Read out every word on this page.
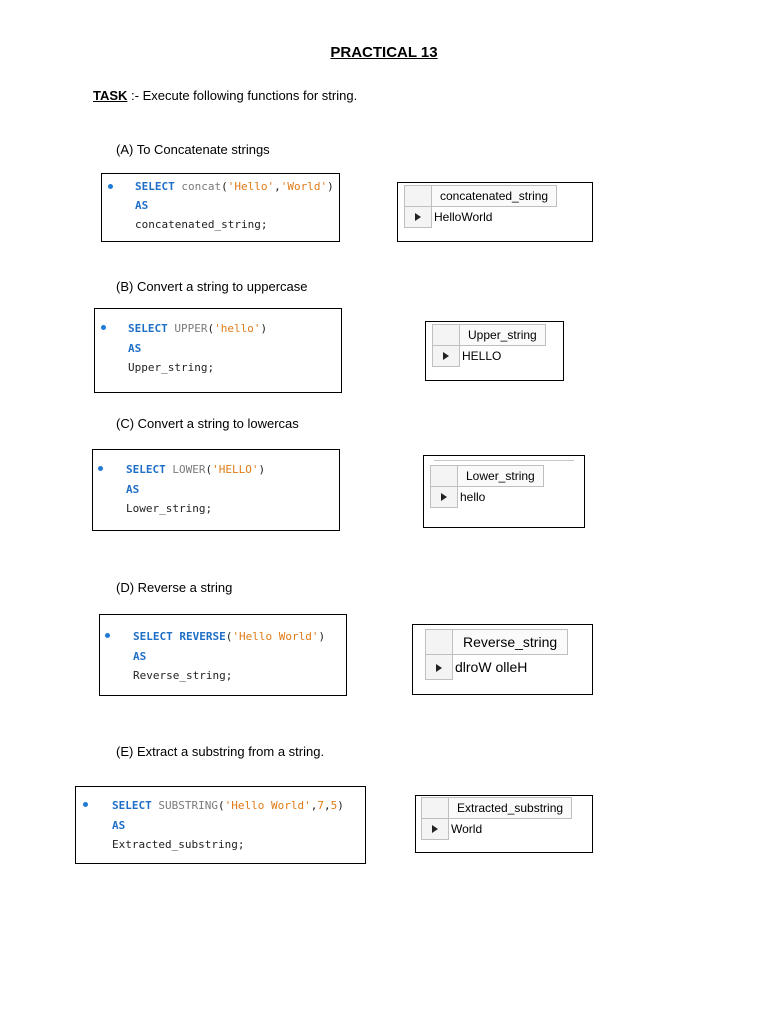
PRACTICAL 13
TASK :- Execute following functions for string.
(A) To Concatenate strings
SELECT concat('Hello','World')
AS
concatenated_string;
	concatenated_string
	HelloWorld
(B) Convert a string to uppercase
SELECT UPPER('hello')
AS
Upper_string;
	Upper_string
	HELLO
(C) Convert a string to lowercas
SELECT LOWER('HELLO')
AS
Lower_string;
	Lower_string
	hello
(D) Reverse a string
SELECT REVERSE('Hello World')
AS
Reverse_string;
	Reverse_string
	dlroW olleH
(E) Extract a substring from a string.
SELECT SUBSTRING('Hello World',7,5)
AS
Extracted_substring;
	Extracted_substring
	World
